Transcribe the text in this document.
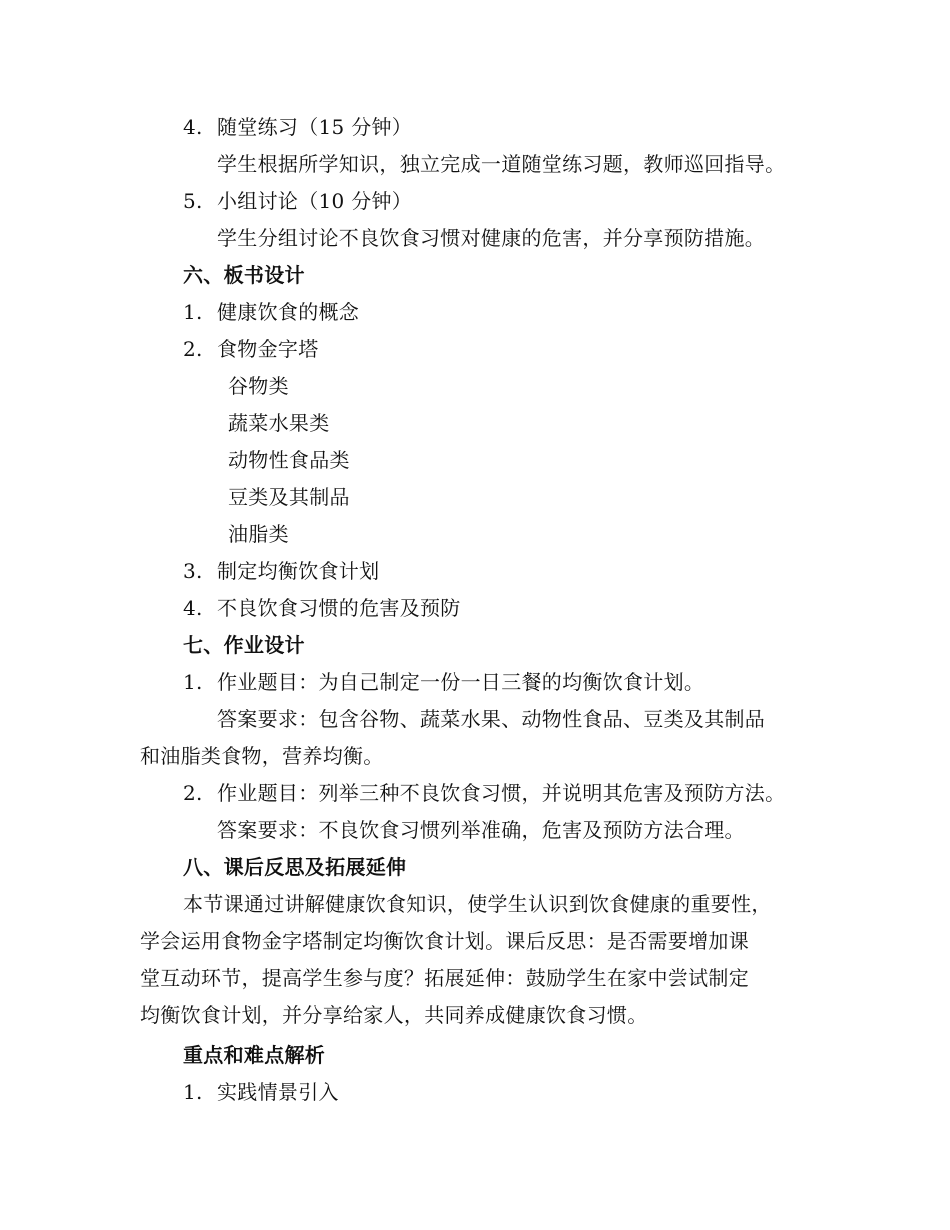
4. 随堂练习（15 分钟）
学生根据所学知识，独立完成一道随堂练习题，教师巡回指导。
5. 小组讨论（10 分钟）
学生分组讨论不良饮食习惯对健康的危害，并分享预防措施。
六、板书设计
1. 健康饮食的概念
2. 食物金字塔
谷物类
蔬菜水果类
动物性食品类
豆类及其制品
油脂类
3. 制定均衡饮食计划
4. 不良饮食习惯的危害及预防
七、作业设计
1. 作业题目：为自己制定一份一日三餐的均衡饮食计划。
答案要求：包含谷物、蔬菜水果、动物性食品、豆类及其制品
和油脂类食物，营养均衡。
2. 作业题目：列举三种不良饮食习惯，并说明其危害及预防方法。
答案要求：不良饮食习惯列举准确，危害及预防方法合理。
八、课后反思及拓展延伸
本节课通过讲解健康饮食知识，使学生认识到饮食健康的重要性，
学会运用食物金字塔制定均衡饮食计划。课后反思：是否需要增加课
堂互动环节，提高学生参与度？拓展延伸：鼓励学生在家中尝试制定
均衡饮食计划，并分享给家人，共同养成健康饮食习惯。
重点和难点解析
1. 实践情景引入
